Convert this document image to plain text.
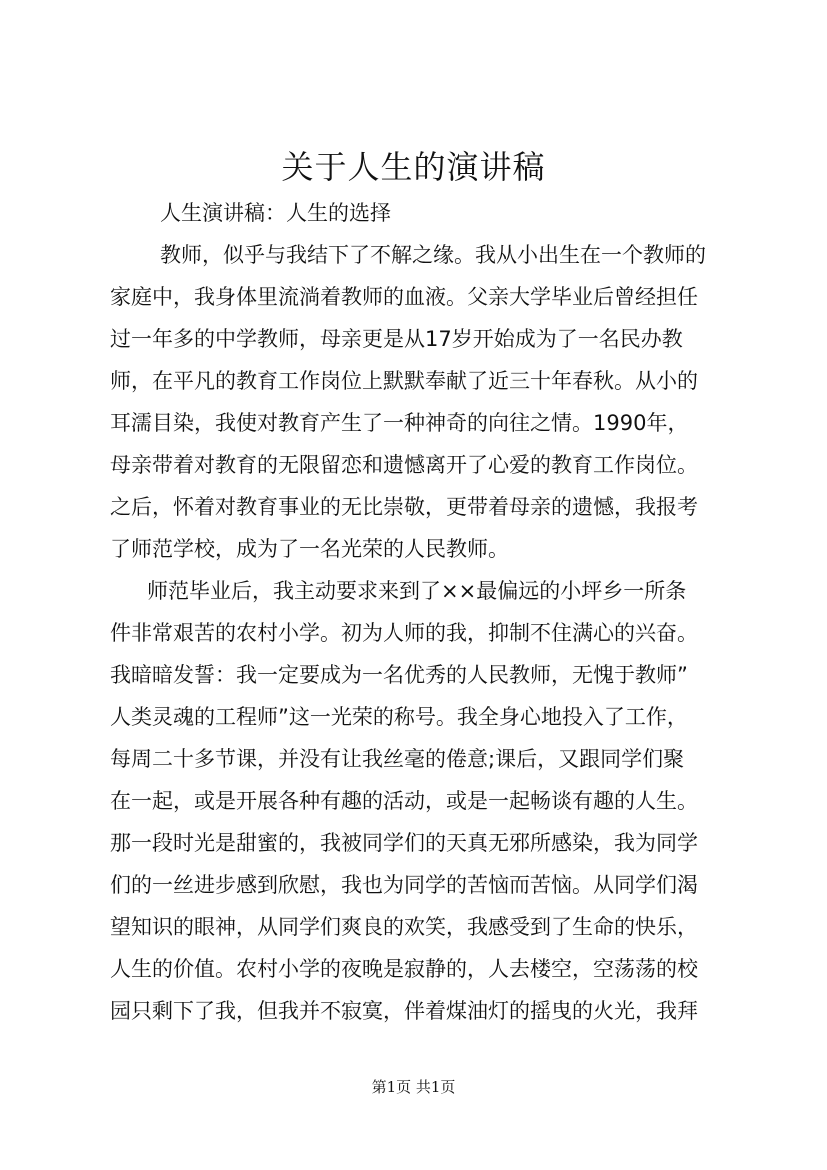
关于人生的演讲稿
人生演讲稿：人生的选择
教师，似乎与我结下了不解之缘。我从小出生在一个教师的
家庭中，我身体里流淌着教师的血液。父亲大学毕业后曾经担任
过一年多的中学教师，母亲更是从17岁开始成为了一名民办教
师，在平凡的教育工作岗位上默默奉献了近三十年春秋。从小的
耳濡目染，我使对教育产生了一种神奇的向往之情。1990年，
母亲带着对教育的无限留恋和遗憾离开了心爱的教育工作岗位。
之后，怀着对教育事业的无比崇敬，更带着母亲的遗憾，我报考
了师范学校，成为了一名光荣的人民教师。
师范毕业后，我主动要求来到了××最偏远的小坪乡一所条
件非常艰苦的农村小学。初为人师的我，抑制不住满心的兴奋。
我暗暗发誓：我一定要成为一名优秀的人民教师，无愧于教师”
人类灵魂的工程师”这一光荣的称号。我全身心地投入了工作，
每周二十多节课，并没有让我丝毫的倦意;课后，又跟同学们聚
在一起，或是开展各种有趣的活动，或是一起畅谈有趣的人生。
那一段时光是甜蜜的，我被同学们的天真无邪所感染，我为同学
们的一丝进步感到欣慰，我也为同学的苦恼而苦恼。从同学们渴
望知识的眼神，从同学们爽良的欢笑，我感受到了生命的快乐，
人生的价值。农村小学的夜晚是寂静的，人去楼空，空荡荡的校
园只剩下了我，但我并不寂寞，伴着煤油灯的摇曳的火光，我拜
第1页 共1页
